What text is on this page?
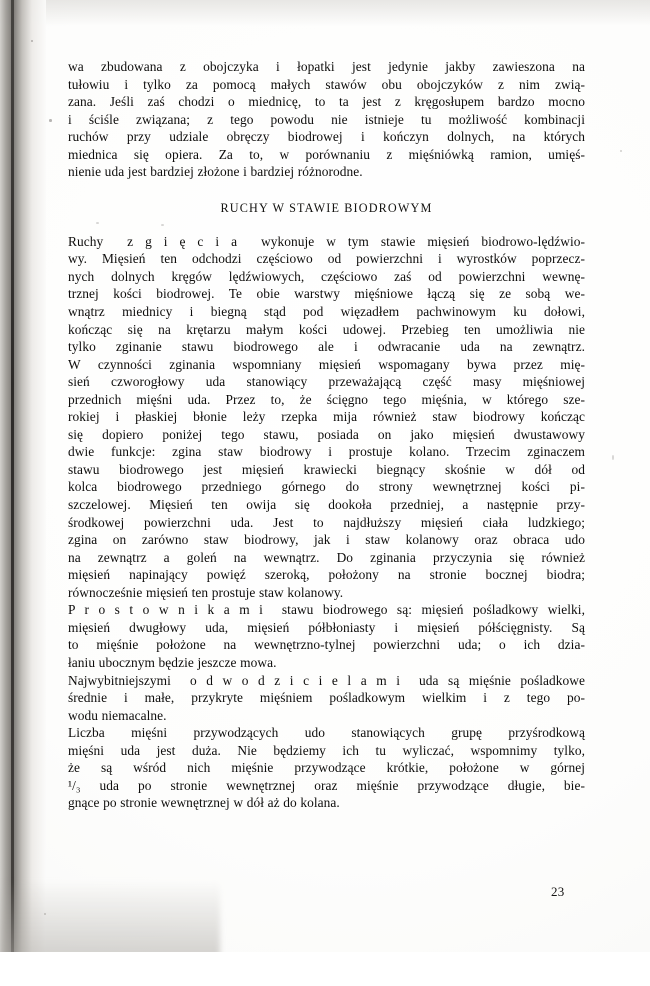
wa zbudowana z obojczyka i łopatki jest jedynie jakby zawieszona na
tułowiu i tylko za pomocą małych stawów obu obojczyków z nim zwią-
zana. Jeśli zaś chodzi o miednicę, to ta jest z kręgosłupem bardzo mocno
i ściśle związana; z tego powodu nie istnieje tu możliwość kombinacji
ruchów przy udziale obręczy biodrowej i kończyn dolnych, na których
miednica się opiera. Za to, w porównaniu z mięśniówką ramion, umięś-
nienie uda jest bardziej złożone i bardziej różnorodne.

RUCHY W STAWIE BIODROWYM

Ruchy  z g i ę c i a  wykonuje w tym stawie mięsień biodrowo-lędźwio-
wy. Mięsień ten odchodzi częściowo od powierzchni i wyrostków poprzecz-
nych dolnych kręgów lędźwiowych, częściowo zaś od powierzchni wewnę-
trznej kości biodrowej. Te obie warstwy mięśniowe łączą się ze sobą we-
wnątrz miednicy i biegną stąd pod więzadłem pachwinowym ku dołowi,
kończąc się na krętarzu małym kości udowej. Przebieg ten umożliwia nie
tylko zginanie stawu biodrowego ale i odwracanie uda na zewnątrz.
W czynności zginania wspomniany mięsień wspomagany bywa przez mię-
sień czworogłowy uda stanowiący przeważającą część masy mięśniowej
przednich mięśni uda. Przez to, że ścięgno tego mięśnia, w którego sze-
rokiej i płaskiej błonie leży rzepka mija również staw biodrowy kończąc
się dopiero poniżej tego stawu, posiada on jako mięsień dwustawowy
dwie funkcje: zgina staw biodrowy i prostuje kolano. Trzecim zginaczem
stawu biodrowego jest mięsień krawiecki biegnący skośnie w dół od
kolca biodrowego przedniego górnego do strony wewnętrznej kości pi-
szczelowej. Mięsień ten owija się dookoła przedniej, a następnie przy-
środkowej powierzchni uda. Jest to najdłuższy mięsień ciała ludzkiego;
zgina on zarówno staw biodrowy, jak i staw kolanowy oraz obraca udo
na zewnątrz a goleń na wewnątrz. Do zginania przyczynia się również
mięsień napinający powięź szeroką, położony na stronie bocznej biodra;
równocześnie mięsień ten prostuje staw kolanowy.

P r o s t o w n i k a m i  stawu biodrowego są: mięsień pośladkowy wielki,
mięsień dwugłowy uda, mięsień półbłoniasty i mięsień półścięgnisty. Są
to mięśnie położone na wewnętrzno-tylnej powierzchni uda; o ich dzia-
łaniu ubocznym będzie jeszcze mowa.

Najwybitniejszymi  o d w o d z i c i e l a m i  uda są mięśnie pośladkowe
średnie i małe, przykryte mięśniem pośladkowym wielkim i z tego po-
wodu niemacalne.

Liczba mięśni przywodzących udo stanowiących grupę przyśrodkową
mięśni uda jest duża. Nie będziemy ich tu wyliczać, wspomnimy tylko,
że są wśród nich mięśnie przywodzące krótkie, położone w górnej
¹/₃ uda po stronie wewnętrznej oraz mięśnie przywodzące długie, bie-
gnące po stronie wewnętrznej w dół aż do kolana.

23
